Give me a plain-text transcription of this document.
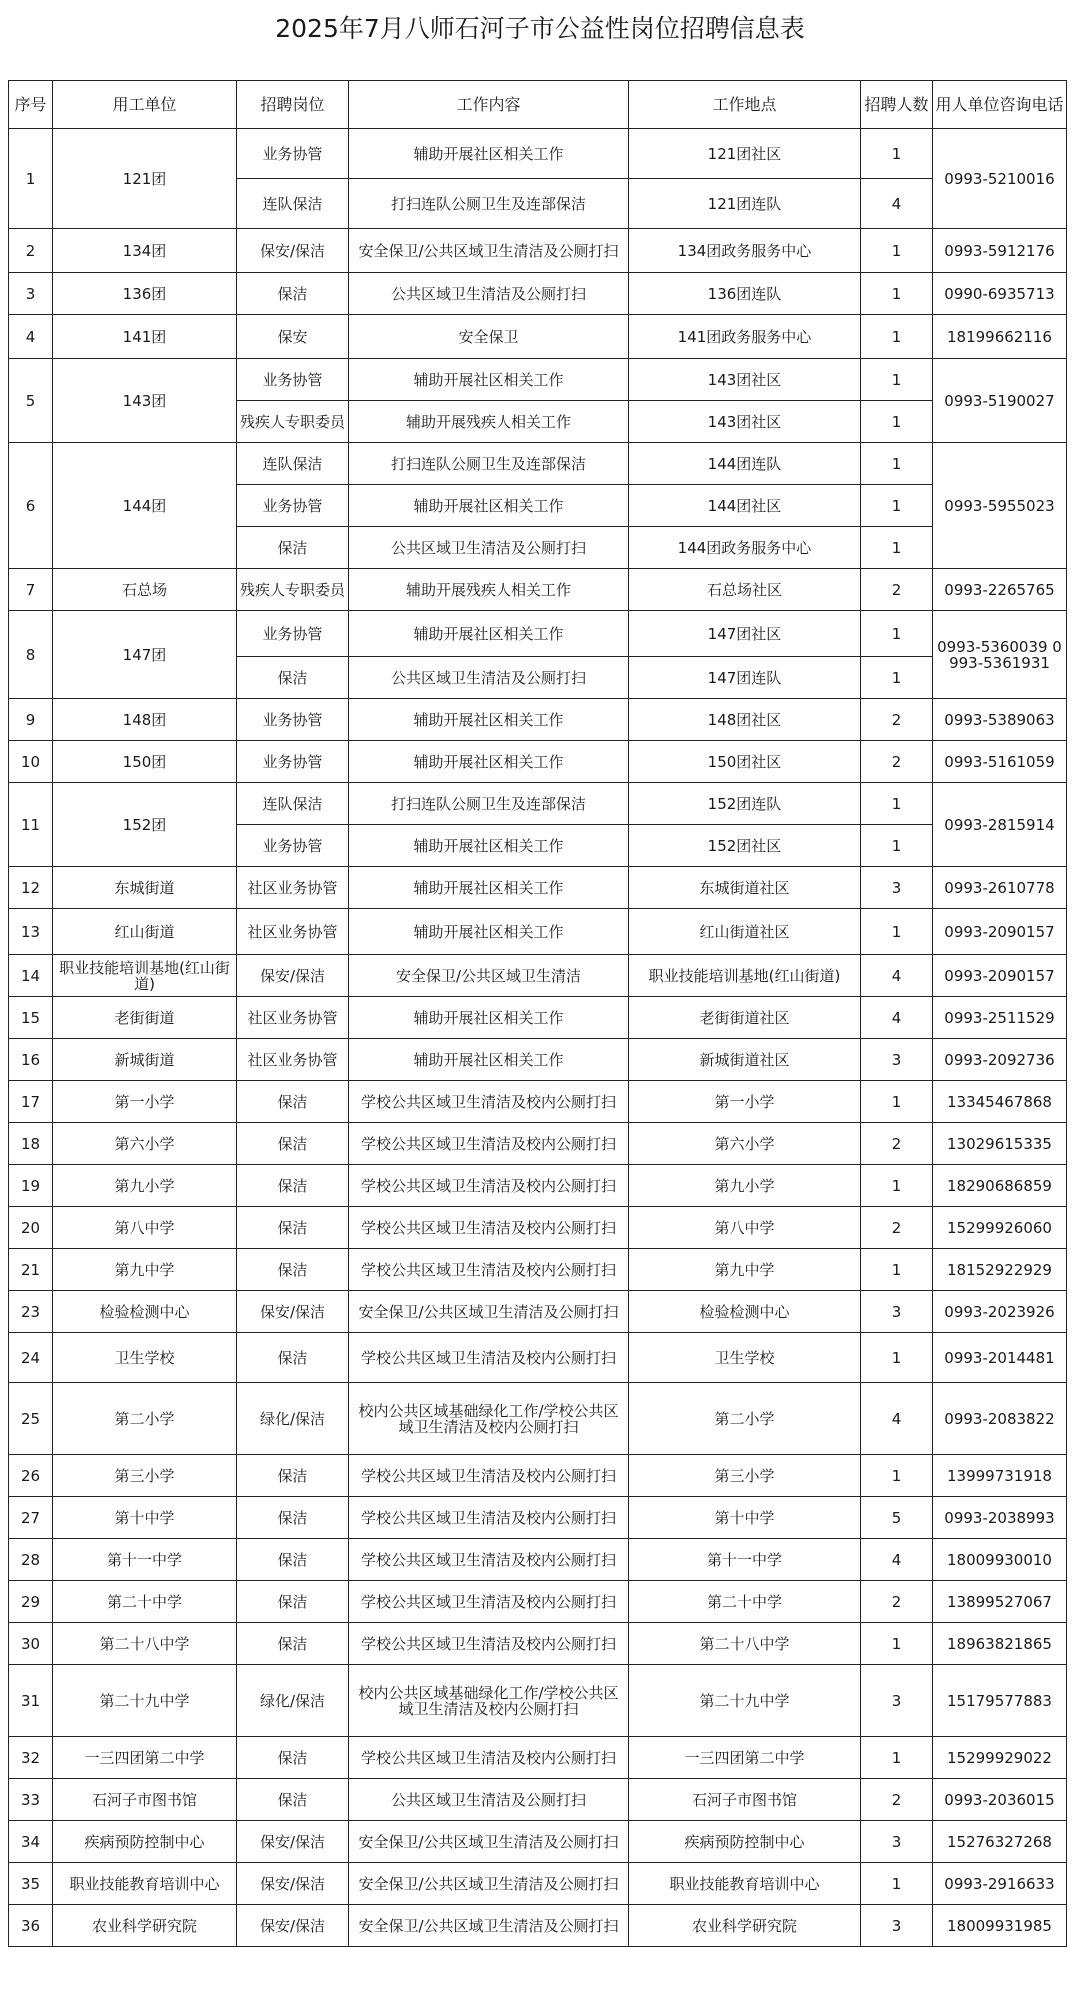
2025年7月八师石河子市公益性岗位招聘信息表
序号	用工单位	招聘岗位	工作内容	工作地点	招聘人数	用人单位咨询电话
1	121团	业务协管	辅助开展社区相关工作	121团社区	1	0993-5210016
		连队保洁	打扫连队公厕卫生及连部保洁	121团连队	4	
2	134团	保安/保洁	安全保卫/公共区域卫生清洁及公厕打扫	134团政务服务中心	1	0993-5912176
3	136团	保洁	公共区域卫生清洁及公厕打扫	136团连队	1	0990-6935713
4	141团	保安	安全保卫	141团政务服务中心	1	18199662116
5	143团	业务协管	辅助开展社区相关工作	143团社区	1	0993-5190027
		残疾人专职委员	辅助开展残疾人相关工作	143团社区	1	
6	144团	连队保洁	打扫连队公厕卫生及连部保洁	144团连队	1	0993-5955023
		业务协管	辅助开展社区相关工作	144团社区	1	
		保洁	公共区域卫生清洁及公厕打扫	144团政务服务中心	1	
7	石总场	残疾人专职委员	辅助开展残疾人相关工作	石总场社区	2	0993-2265765
8	147团	业务协管	辅助开展社区相关工作	147团社区	1	0993-5360039 0993-5361931
		保洁	公共区域卫生清洁及公厕打扫	147团连队	1	
9	148团	业务协管	辅助开展社区相关工作	148团社区	2	0993-5389063
10	150团	业务协管	辅助开展社区相关工作	150团社区	2	0993-5161059
11	152团	连队保洁	打扫连队公厕卫生及连部保洁	152团连队	1	0993-2815914
		业务协管	辅助开展社区相关工作	152团社区	1	
12	东城街道	社区业务协管	辅助开展社区相关工作	东城街道社区	3	0993-2610778
13	红山街道	社区业务协管	辅助开展社区相关工作	红山街道社区	1	0993-2090157
14	职业技能培训基地(红山街道)	保安/保洁	安全保卫/公共区域卫生清洁	职业技能培训基地(红山街道)	4	0993-2090157
15	老街街道	社区业务协管	辅助开展社区相关工作	老街街道社区	4	0993-2511529
16	新城街道	社区业务协管	辅助开展社区相关工作	新城街道社区	3	0993-2092736
17	第一小学	保洁	学校公共区域卫生清洁及校内公厕打扫	第一小学	1	13345467868
18	第六小学	保洁	学校公共区域卫生清洁及校内公厕打扫	第六小学	2	13029615335
19	第九小学	保洁	学校公共区域卫生清洁及校内公厕打扫	第九小学	1	18290686859
20	第八中学	保洁	学校公共区域卫生清洁及校内公厕打扫	第八中学	2	15299926060
21	第九中学	保洁	学校公共区域卫生清洁及校内公厕打扫	第九中学	1	18152922929
23	检验检测中心	保安/保洁	安全保卫/公共区域卫生清洁及公厕打扫	检验检测中心	3	0993-2023926
24	卫生学校	保洁	学校公共区域卫生清洁及校内公厕打扫	卫生学校	1	0993-2014481
25	第二小学	绿化/保洁	校内公共区域基础绿化工作/学校公共区域卫生清洁及校内公厕打扫	第二小学	4	0993-2083822
26	第三小学	保洁	学校公共区域卫生清洁及校内公厕打扫	第三小学	1	13999731918
27	第十中学	保洁	学校公共区域卫生清洁及校内公厕打扫	第十中学	5	0993-2038993
28	第十一中学	保洁	学校公共区域卫生清洁及校内公厕打扫	第十一中学	4	18009930010
29	第二十中学	保洁	学校公共区域卫生清洁及校内公厕打扫	第二十中学	2	13899527067
30	第二十八中学	保洁	学校公共区域卫生清洁及校内公厕打扫	第二十八中学	1	18963821865
31	第二十九中学	绿化/保洁	校内公共区域基础绿化工作/学校公共区域卫生清洁及校内公厕打扫	第二十九中学	3	15179577883
32	一三四团第二中学	保洁	学校公共区域卫生清洁及校内公厕打扫	一三四团第二中学	1	15299929022
33	石河子市图书馆	保洁	公共区域卫生清洁及公厕打扫	石河子市图书馆	2	0993-2036015
34	疾病预防控制中心	保安/保洁	安全保卫/公共区域卫生清洁及公厕打扫	疾病预防控制中心	3	15276327268
35	职业技能教育培训中心	保安/保洁	安全保卫/公共区域卫生清洁及公厕打扫	职业技能教育培训中心	1	0993-2916633
36	农业科学研究院	保安/保洁	安全保卫/公共区域卫生清洁及公厕打扫	农业科学研究院	3	18009931985
